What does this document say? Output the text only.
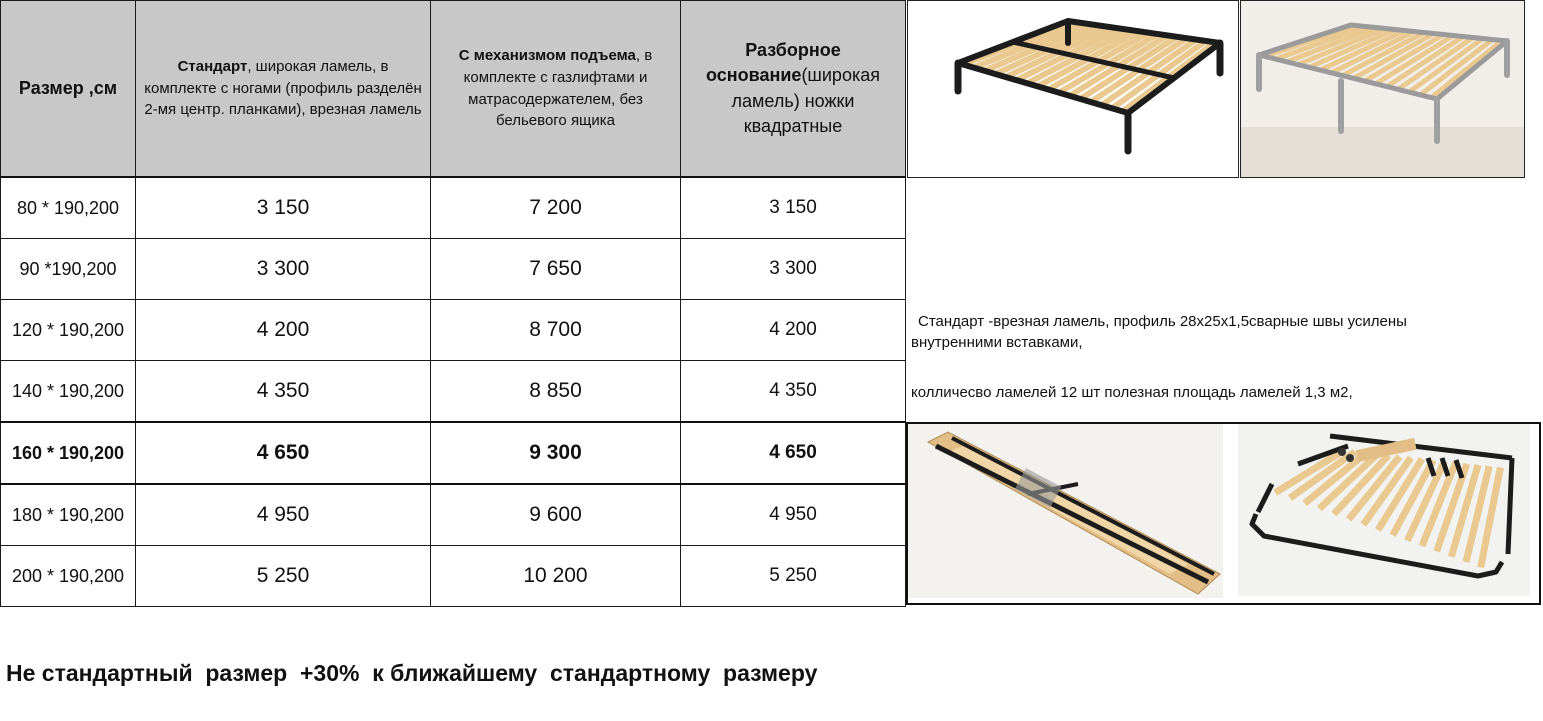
Размер ,см	Стандарт, широкая ламель, в комплекте с ногами (профиль разделён 2-мя центр. планками), врезная ламель	С механизмом подъема, в комплекте с газлифтами и матрасодержателем, без бельевого ящика	Разборное основание(широкая ламель) ножки квадратные
80 * 190,200	3 150	7 200	3 150
90 *190,200	3 300	7 650	3 300
120 * 190,200	4 200	8 700	4 200
140 * 190,200	4 350	8 850	4 350
160 * 190,200	4 650	9 300	4 650
180 * 190,200	4 950	9 600	4 950
200 * 190,200	5 250	10 200	5 250
Стандарт -врезная ламель, профиль 28х25х1,5сварные швы усилены
внутренними вставками,
колличесво ламелей 12 шт полезная площадь ламелей 1,3 м2,
Не стандартный  размер  +30%  к ближайшему  стандартному  размеру
